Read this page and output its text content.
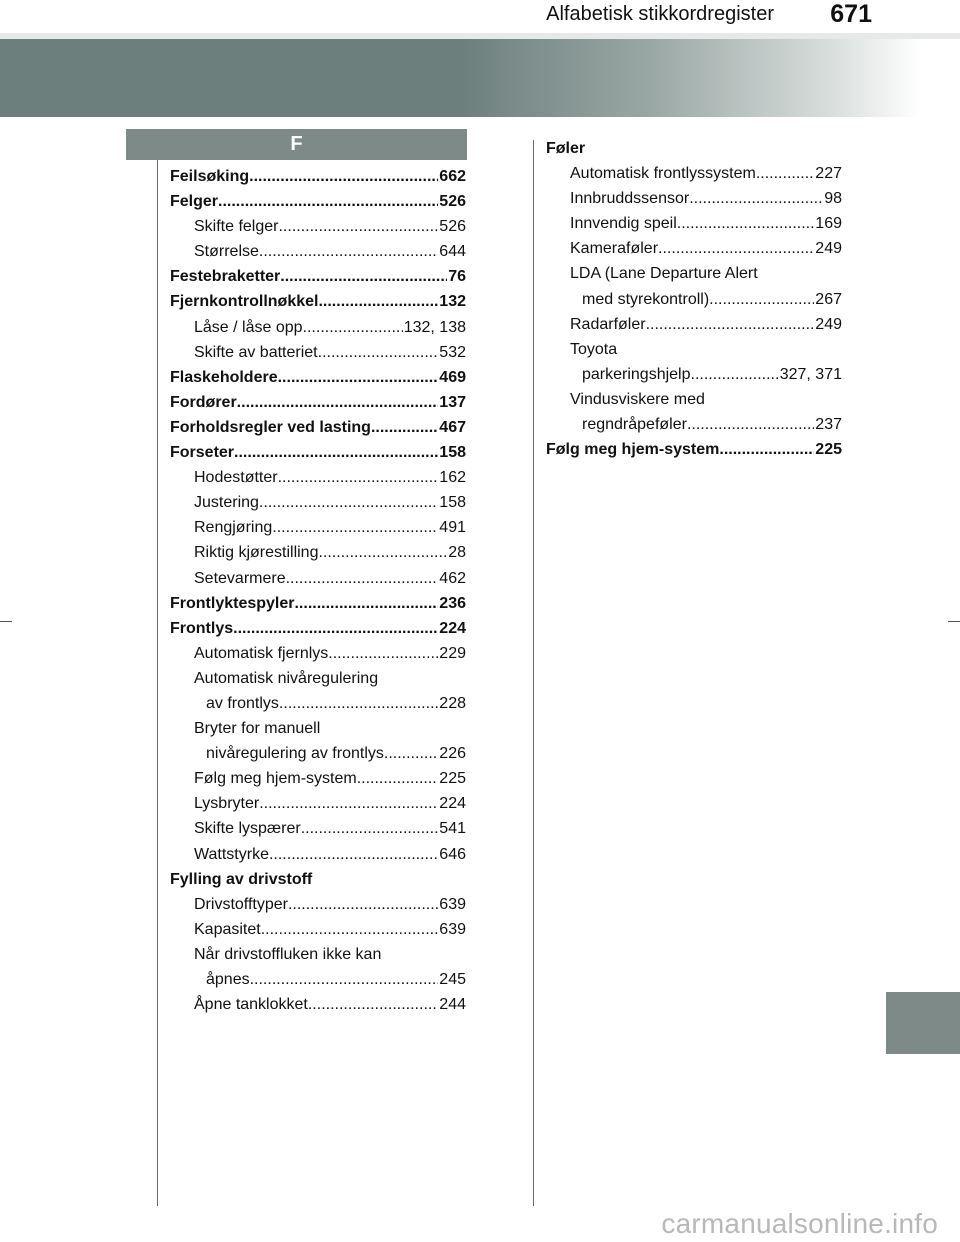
Alfabetisk stikkordregister 671
F
Feilsøking .....	662
Felger .....	526
Skifte felger .....	526
Størrelse .....	644
Festebraketter .....	76
Fjernkontrollnøkkel .....	132
Låse / låse opp .....	132, 138
Skifte av batteriet .....	532
Flaskeholdere .....	469
Fordører .....	137
Forholdsregler ved lasting .....	467
Forseter .....	158
Hodestøtter .....	162
Justering .....	158
Rengjøring .....	491
Riktig kjørestilling .....	28
Setevarmere .....	462
Frontlyktespyler .....	236
Frontlys .....	224
Automatisk fjernlys .....	229
Automatisk nivåregulering
av frontlys .....	228
Bryter for manuell
nivåregulering av frontlys .....	226
Følg meg hjem-system .....	225
Lysbryter .....	224
Skifte lyspærer .....	541
Wattstyrke .....	646
Fylling av drivstoff
Drivstofftyper .....	639
Kapasitet .....	639
Når drivstoffluken ikke kan
åpnes .....	245
Åpne tanklokket .....	244
Føler
Automatisk frontlyssystem .....	227
Innbruddssensor .....	98
Innvendig speil .....	169
Kameraføler .....	249
LDA (Lane Departure Alert
med styrekontroll) .....	267
Radarføler .....	249
Toyota
parkeringshjelp .....	327, 371
Vindusviskere med
regndråpeføler .....	237
Følg meg hjem-system .....	225
carmanualsonline.info
